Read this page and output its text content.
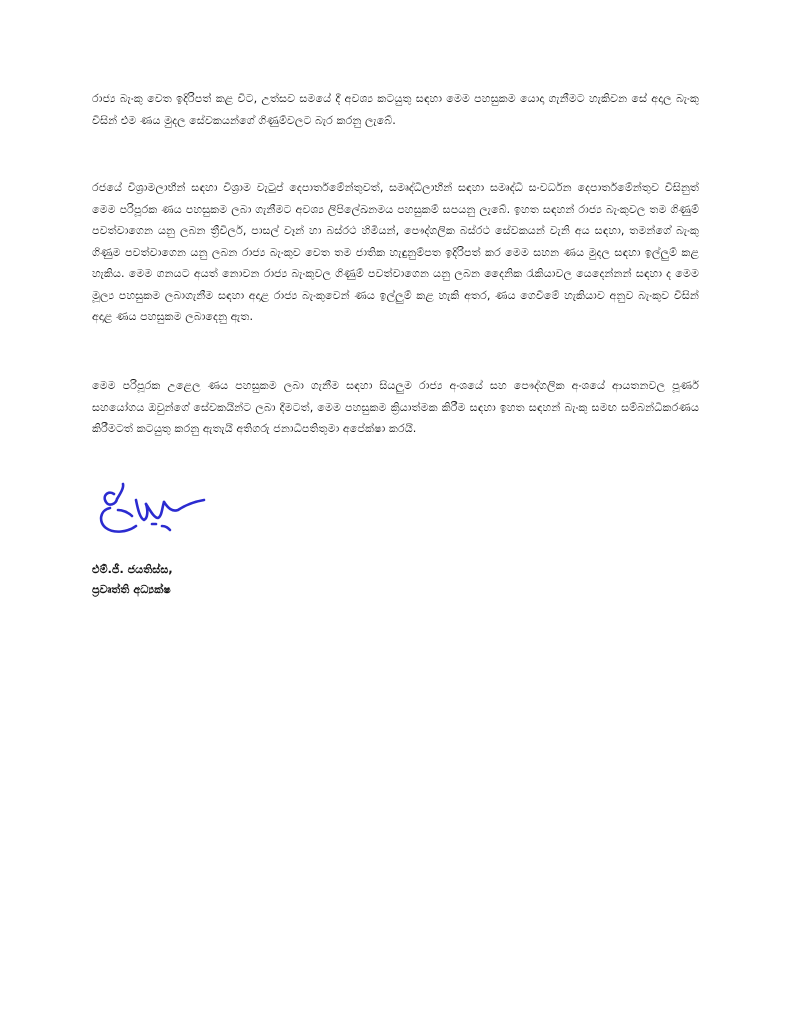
රාජ්‍ය බැංකු වෙත ඉදිරිපත් කළ විට, උත්සව සමයේ දී අවශ්‍ය කටයුතු සඳහා මෙම පහසුකම යොදා ගැනීමට හැකිවන සේ අදාල බැංකු විසින් එම ණය මුදල සේවකයන්ගේ ගිණුම්වලට බැර කරනු ලැබේ.

රජයේ විශ්‍රාමලාභීන් සඳහා විශ්‍රාම වැටුප් දෙපාර්තමේන්තුවත්, සමෘද්ධිලාභීන් සඳහා සමෘද්ධි සංවර්ධන දෙපාර්තමේන්තුව විසිනුත් මෙම පරිපූරක ණය පහසුකම ලබා ගැනීමට අවශ්‍ය ලිපිලේඛනමය පහසුකම් සපයනු ලැබේ. ඉහත සඳහන් රාජ්‍ය බැංකුවල තම ගිණුම් පවත්වාගෙන යනු ලබන ත්‍රීවීලර්, පාසල් වෑන් හා බස්රථ හිමියන්, පෞද්ගලික බස්රථ සේවකයන් වැනි අය සඳහා, තමන්ගේ බැංකු ගිණුම පවත්වාගෙන යනු ලබන රාජ්‍ය බැංකුව වෙත තම ජාතික හැඳුනුම්පත ඉදිරිපත් කර මෙම සහන ණය මුදල සඳහා ඉල්ලුම් කළ හැකිය. මෙම ගනයට අයත් නොවන රාජ්‍ය බැංකුවල ගිණුම් පවත්වාගෙන යනු ලබන දෛනික රැකියාවල යෙදෙන්නන් සඳහා ද මෙම මූල්‍ය පහසුකම ලබාගැනීම සඳහා අදාළ රාජ්‍ය බැංකුවෙන් ණය ඉල්ලුම් කළ හැකි අතර, ණය ගෙවීමේ හැකියාව අනුව බැංකුව විසින් අදාළ ණය පහසුකම ලබාදෙනු ඇත.

මෙම පරිපූරක උළෙල ණය පහසුකම ලබා ගැනීම සඳහා සියලුම රාජ්‍ය අංශයේ සහ පෞද්ගලික අංශයේ ආයතනවල පූර්ණ සහයෝගය ඔවුන්ගේ සේවකයින්ට ලබා දීමටත්, මෙම පහසුකම ක්‍රියාත්මක කිරීම සඳහා ඉහත සඳහන් බැංකු සමඟ සම්බන්ධීකරණය කිරීමටත් කටයුතු කරනු ඇතැයි අතිගරු ජනාධිපතිතුමා අපේක්ෂා කරයි.

එම්.ජී. ජයතිස්ස,

ප්‍රවෘත්ති අධ්‍යක්ෂ
